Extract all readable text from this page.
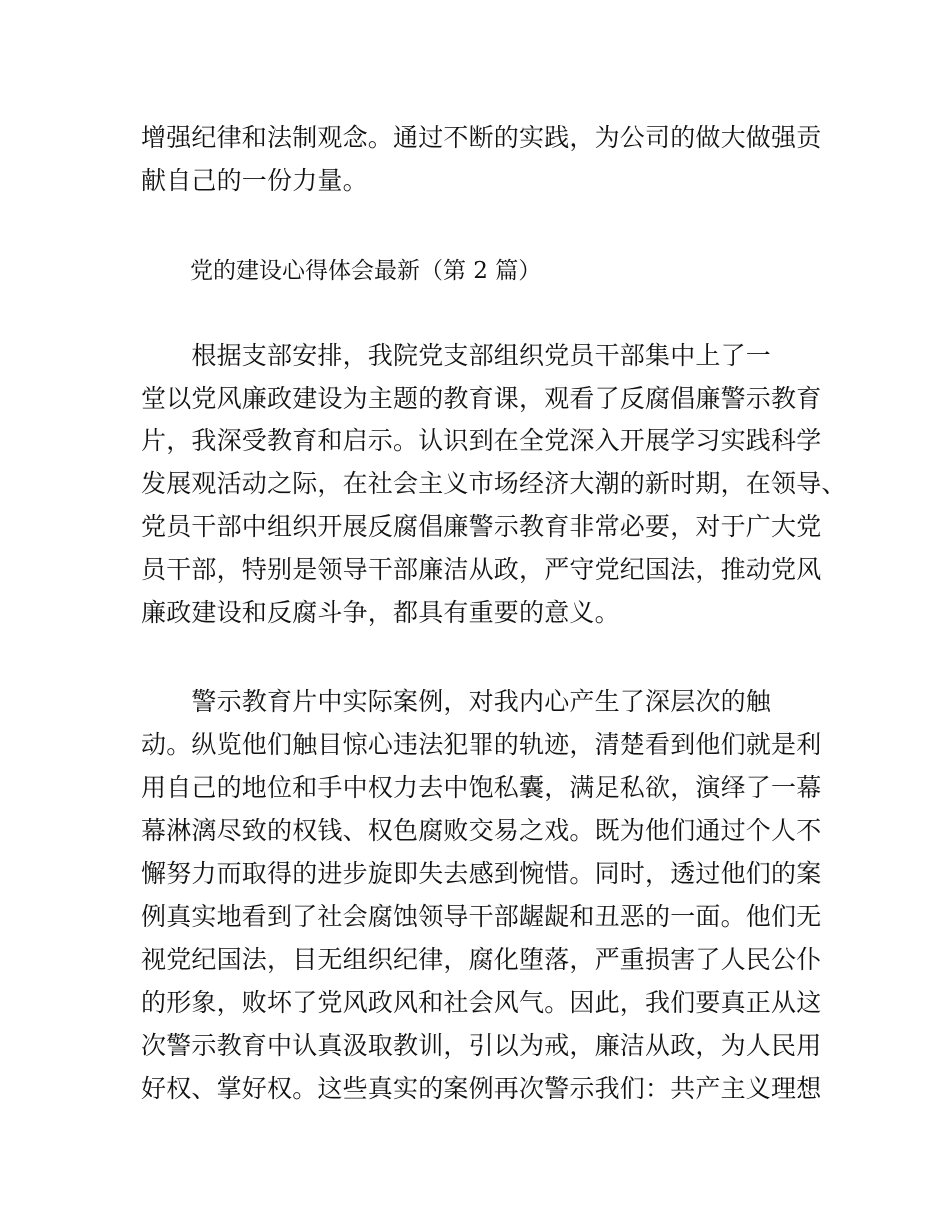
增强纪律和法制观念。通过不断的实践，为公司的做大做强贡
献自己的一份力量。
党的建设心得体会最新（第 2 篇）
　　根据支部安排，我院党支部组织党员干部集中上了一
堂以党风廉政建设为主题的教育课，观看了反腐倡廉警示教育
片，我深受教育和启示。认识到在全党深入开展学习实践科学
发展观活动之际，在社会主义市场经济大潮的新时期，在领导、
党员干部中组织开展反腐倡廉警示教育非常必要，对于广大党
员干部，特别是领导干部廉洁从政，严守党纪国法，推动党风
廉政建设和反腐斗争，都具有重要的意义。
　　警示教育片中实际案例，对我内心产生了深层次的触
动。纵览他们触目惊心违法犯罪的轨迹，清楚看到他们就是利
用自己的地位和手中权力去中饱私囊，满足私欲，演绎了一幕
幕淋漓尽致的权钱、权色腐败交易之戏。既为他们通过个人不
懈努力而取得的进步旋即失去感到惋惜。同时，透过他们的案
例真实地看到了社会腐蚀领导干部龌龊和丑恶的一面。他们无
视党纪国法，目无组织纪律，腐化堕落，严重损害了人民公仆
的形象，败坏了党风政风和社会风气。因此，我们要真正从这
次警示教育中认真汲取教训，引以为戒，廉洁从政，为人民用
好权、掌好权。这些真实的案例再次警示我们：共产主义理想
